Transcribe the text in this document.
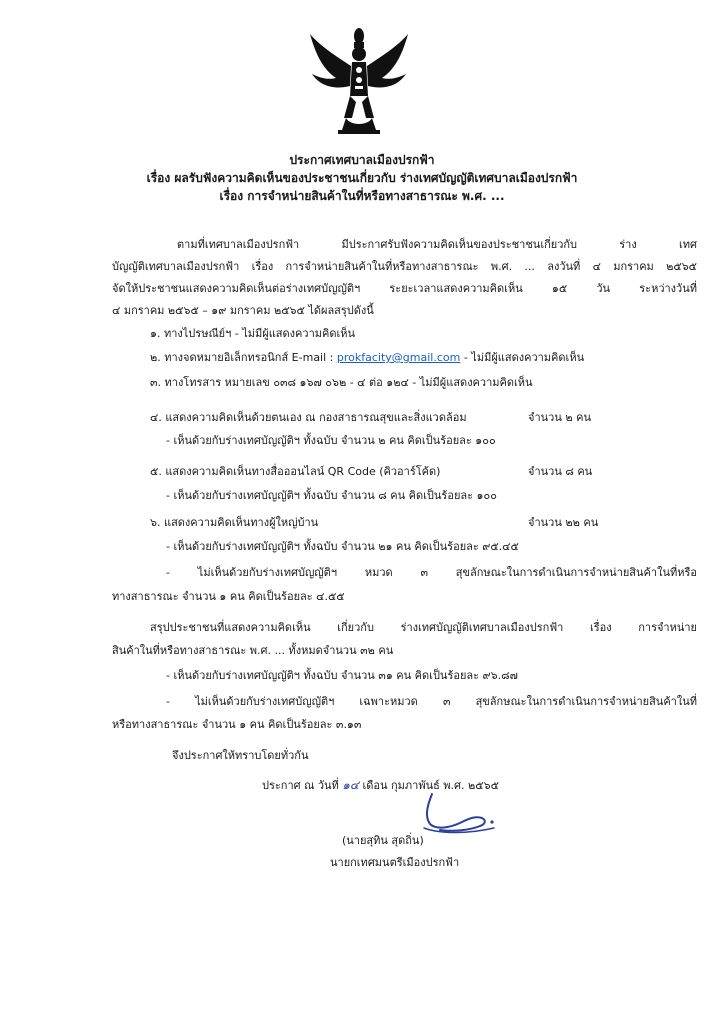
ประกาศเทศบาลเมืองปรกฟ้า
เรื่อง ผลรับฟังความคิดเห็นของประชาชนเกี่ยวกับ ร่างเทศบัญญัติเทศบาลเมืองปรกฟ้า
เรื่อง การจำหน่ายสินค้าในที่หรือทางสาธารณะ พ.ศ. ...
ตามที่เทศบาลเมืองปรกฟ้า มีประกาศรับฟังความคิดเห็นของประชาชนเกี่ยวกับ ร่าง เทศ
บัญญัติเทศบาลเมืองปรกฟ้า เรื่อง การจำหน่ายสินค้าในที่หรือทางสาธารณะ พ.ศ. ... ลงวันที่ ๔ มกราคม ๒๕๖๕
จัดให้ประชาชนแสดงความคิดเห็นต่อร่างเทศบัญญัติฯ ระยะเวลาแสดงความคิดเห็น ๑๕ วัน ระหว่างวันที่
๔ มกราคม ๒๕๖๕ – ๑๙ มกราคม ๒๕๖๕ ได้ผลสรุปดังนี้
๑. ทางไปรษณีย์ฯ - ไม่มีผู้แสดงความคิดเห็น
๒. ทางจดหมายอิเล็กทรอนิกส์ E-mail : prokfacity@gmail.com - ไม่มีผู้แสดงความคิดเห็น
๓. ทางโทรสาร หมายเลข ๐๓๘ ๑๖๗ ๐๖๒ - ๔ ต่อ ๑๒๔ - ไม่มีผู้แสดงความคิดเห็น
๔. แสดงความคิดเห็นด้วยตนเอง ณ กองสาธารณสุขและสิ่งแวดล้อม	จำนวน ๒ คน
- เห็นด้วยกับร่างเทศบัญญัติฯ ทั้งฉบับ จำนวน ๒ คน คิดเป็นร้อยละ ๑๐๐
๕. แสดงความคิดเห็นทางสื่อออนไลน์ QR Code (คิวอาร์โค้ด)	จำนวน ๘ คน
- เห็นด้วยกับร่างเทศบัญญัติฯ ทั้งฉบับ จำนวน ๘ คน คิดเป็นร้อยละ ๑๐๐
๖. แสดงความคิดเห็นทางผู้ใหญ่บ้าน	จำนวน ๒๒ คน
- เห็นด้วยกับร่างเทศบัญญัติฯ ทั้งฉบับ จำนวน ๒๑ คน คิดเป็นร้อยละ ๙๕.๔๕
- ไม่เห็นด้วยกับร่างเทศบัญญัติฯ หมวด ๓ สุขลักษณะในการดำเนินการจำหน่ายสินค้าในที่หรือ
ทางสาธารณะ จำนวน ๑ คน คิดเป็นร้อยละ ๔.๕๕
สรุปประชาชนที่แสดงความคิดเห็น เกี่ยวกับ ร่างเทศบัญญัติเทศบาลเมืองปรกฟ้า เรื่อง การจำหน่าย
สินค้าในที่หรือทางสาธารณะ พ.ศ. ... ทั้งหมดจำนวน ๓๒ คน
- เห็นด้วยกับร่างเทศบัญญัติฯ ทั้งฉบับ จำนวน ๓๑ คน คิดเป็นร้อยละ ๙๖.๘๗
- ไม่เห็นด้วยกับร่างเทศบัญญัติฯ เฉพาะหมวด ๓ สุขลักษณะในการดำเนินการจำหน่ายสินค้าในที่
หรือทางสาธารณะ จำนวน ๑ คน คิดเป็นร้อยละ ๓.๑๓
จึงประกาศให้ทราบโดยทั่วกัน
ประกาศ ณ วันที่ ๑๔ เดือน กุมภาพันธ์ พ.ศ. ๒๕๖๕
(นายสุทิน สุดถิ่น)
นายกเทศมนตรีเมืองปรกฟ้า
